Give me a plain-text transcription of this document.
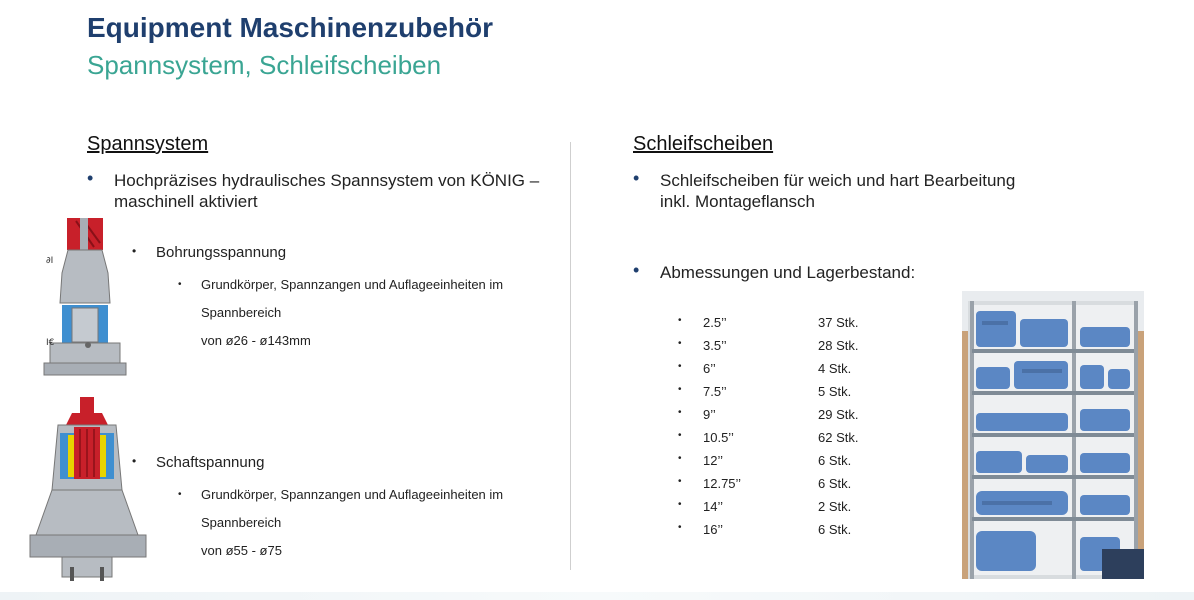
Equipment Maschinenzubehör
Spannsystem, Schleifscheiben
Spannsystem
• Hochpräzises hydraulisches Spannsystem von KÖNIG –
maschinell aktiviert
∂I
I€
• Bohrungsspannung
• Grundkörper, Spannzangen und Auflageeinheiten im
Spannbereich
von ø26 - ø143mm
• Schaftspannung
• Grundkörper, Spannzangen und Auflageeinheiten im
Spannbereich
von ø55 - ø75
Schleifscheiben
• Schleifscheiben für weich und hart Bearbeitung
inkl. Montageflansch
• Abmessungen und Lagerbestand:
• 2.5’’	37 Stk.
• 3.5’’	28 Stk.
• 6’’	4 Stk.
• 7.5’’	5 Stk.
• 9’’	29 Stk.
• 10.5’’	62 Stk.
• 12’’	6 Stk.
• 12.75’’	6 Stk.
• 14’’	2 Stk.
• 16’’	6 Stk.
